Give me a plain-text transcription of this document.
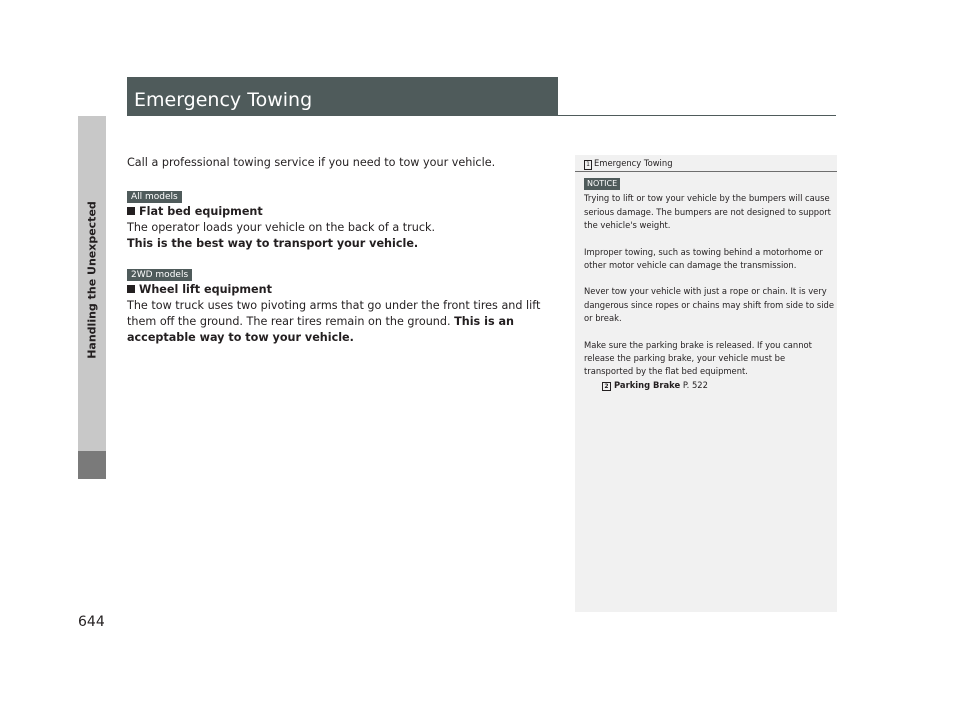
Handling the Unexpected
644
Emergency Towing

Call a professional towing service if you need to tow your vehicle.

All models
Flat bed equipment

The operator loads your vehicle on the back of a truck.

This is the best way to transport your vehicle.

2WD models
Wheel lift equipment

The tow truck uses two pivoting arms that go under the front tires and lift them off the ground. The rear tires remain on the ground. This is an acceptable way to tow your vehicle.

1 Emergency Towing
NOTICE

Trying to lift or tow your vehicle by the bumpers will cause serious damage. The bumpers are not designed to support the vehicle's weight.

Improper towing, such as towing behind a motorhome or other motor vehicle can damage the transmission.

Never tow your vehicle with just a rope or chain. It is very dangerous since ropes or chains may shift from side to side or break.

Make sure the parking brake is released. If you cannot release the parking brake, your vehicle must be transported by the flat bed equipment.

2 Parking Brake P. 522
